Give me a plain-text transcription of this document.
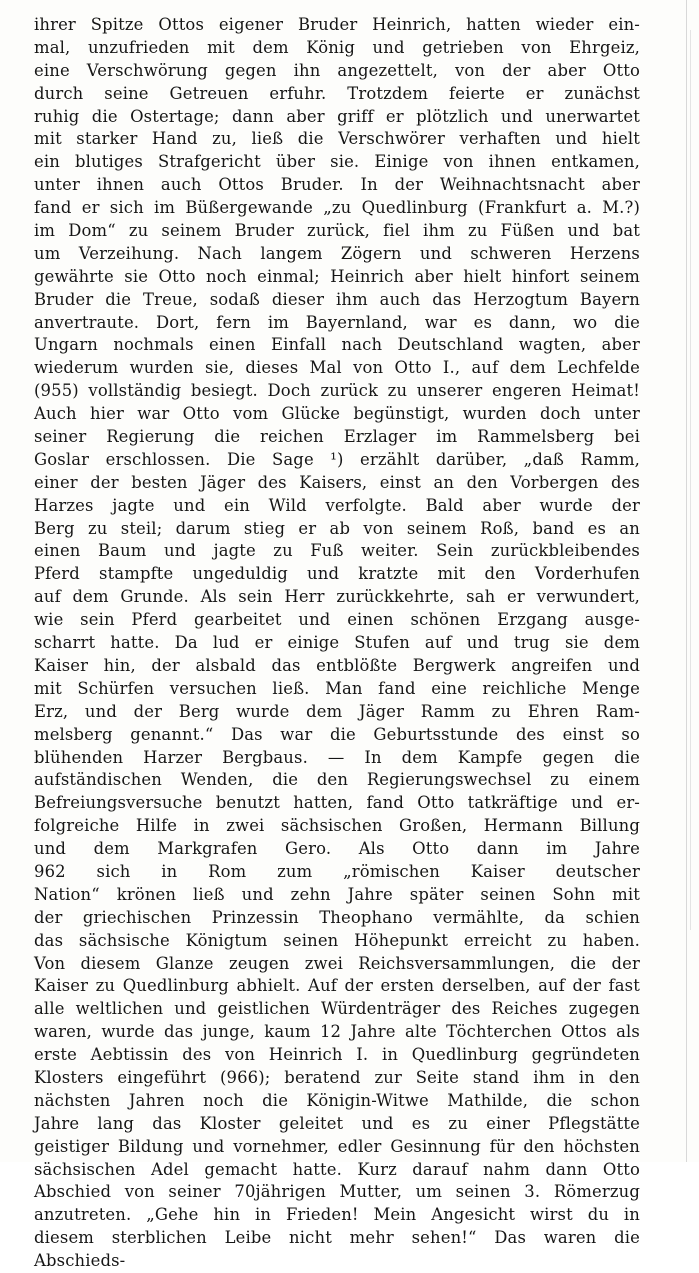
ihrer Spitze Ottos eigener Bruder Heinrich, hatten wieder ein-
mal, unzufrieden mit dem König und getrieben von Ehrgeiz,
eine Verschwörung gegen ihn angezettelt, von der aber Otto
durch seine Getreuen erfuhr. Trotzdem feierte er zunächst
ruhig die Ostertage; dann aber griff er plötzlich und unerwartet
mit starker Hand zu, ließ die Verschwörer verhaften und hielt
ein blutiges Strafgericht über sie. Einige von ihnen entkamen,
unter ihnen auch Ottos Bruder. In der Weihnachtsnacht aber
fand er sich im Büßergewande „zu Quedlinburg (Frankfurt a. M.?)
im Dom“ zu seinem Bruder zurück, fiel ihm zu Füßen und bat
um Verzeihung. Nach langem Zögern und schweren Herzens
gewährte sie Otto noch einmal; Heinrich aber hielt hinfort seinem
Bruder die Treue, sodaß dieser ihm auch das Herzogtum Bayern
anvertraute. Dort, fern im Bayernland, war es dann, wo die
Ungarn nochmals einen Einfall nach Deutschland wagten, aber
wiederum wurden sie, dieses Mal von Otto I., auf dem Lechfelde
(955) vollständig besiegt. Doch zurück zu unserer engeren Heimat!
Auch hier war Otto vom Glücke begünstigt, wurden doch unter
seiner Regierung die reichen Erzlager im Rammelsberg bei
Goslar erschlossen. Die Sage ¹) erzählt darüber, „daß Ramm,
einer der besten Jäger des Kaisers, einst an den Vorbergen des
Harzes jagte und ein Wild verfolgte. Bald aber wurde der
Berg zu steil; darum stieg er ab von seinem Roß, band es an
einen Baum und jagte zu Fuß weiter. Sein zurückbleibendes
Pferd stampfte ungeduldig und kratzte mit den Vorderhufen
auf dem Grunde. Als sein Herr zurückkehrte, sah er verwundert,
wie sein Pferd gearbeitet und einen schönen Erzgang ausge-
scharrt hatte. Da lud er einige Stufen auf und trug sie dem
Kaiser hin, der alsbald das entblößte Bergwerk angreifen und
mit Schürfen versuchen ließ. Man fand eine reichliche Menge
Erz, und der Berg wurde dem Jäger Ramm zu Ehren Ram-
melsberg genannt.“ Das war die Geburtsstunde des einst so
blühenden Harzer Bergbaus. — In dem Kampfe gegen die
aufständischen Wenden, die den Regierungswechsel zu einem
Befreiungsversuche benutzt hatten, fand Otto tatkräftige und er-
folgreiche Hilfe in zwei sächsischen Großen, Hermann Billung
und dem Markgrafen Gero. Als Otto dann im Jahre
962 sich in Rom zum „römischen Kaiser deutscher
Nation“ krönen ließ und zehn Jahre später seinen Sohn mit
der griechischen Prinzessin Theophano vermählte, da schien
das sächsische Königtum seinen Höhepunkt erreicht zu haben.
Von diesem Glanze zeugen zwei Reichsversammlungen, die der
Kaiser zu Quedlinburg abhielt. Auf der ersten derselben, auf der fast
alle weltlichen und geistlichen Würdenträger des Reiches zugegen
waren, wurde das junge, kaum 12 Jahre alte Töchterchen Ottos als
erste Aebtissin des von Heinrich I. in Quedlinburg gegründeten
Klosters eingeführt (966); beratend zur Seite stand ihm in den
nächsten Jahren noch die Königin-Witwe Mathilde, die schon
Jahre lang das Kloster geleitet und es zu einer Pflegstätte
geistiger Bildung und vornehmer, edler Gesinnung für den höchsten
sächsischen Adel gemacht hatte. Kurz darauf nahm dann Otto
Abschied von seiner 70jährigen Mutter, um seinen 3. Römerzug
anzutreten. „Gehe hin in Frieden! Mein Angesicht wirst du in
diesem sterblichen Leibe nicht mehr sehen!“ Das waren die Abschieds-
